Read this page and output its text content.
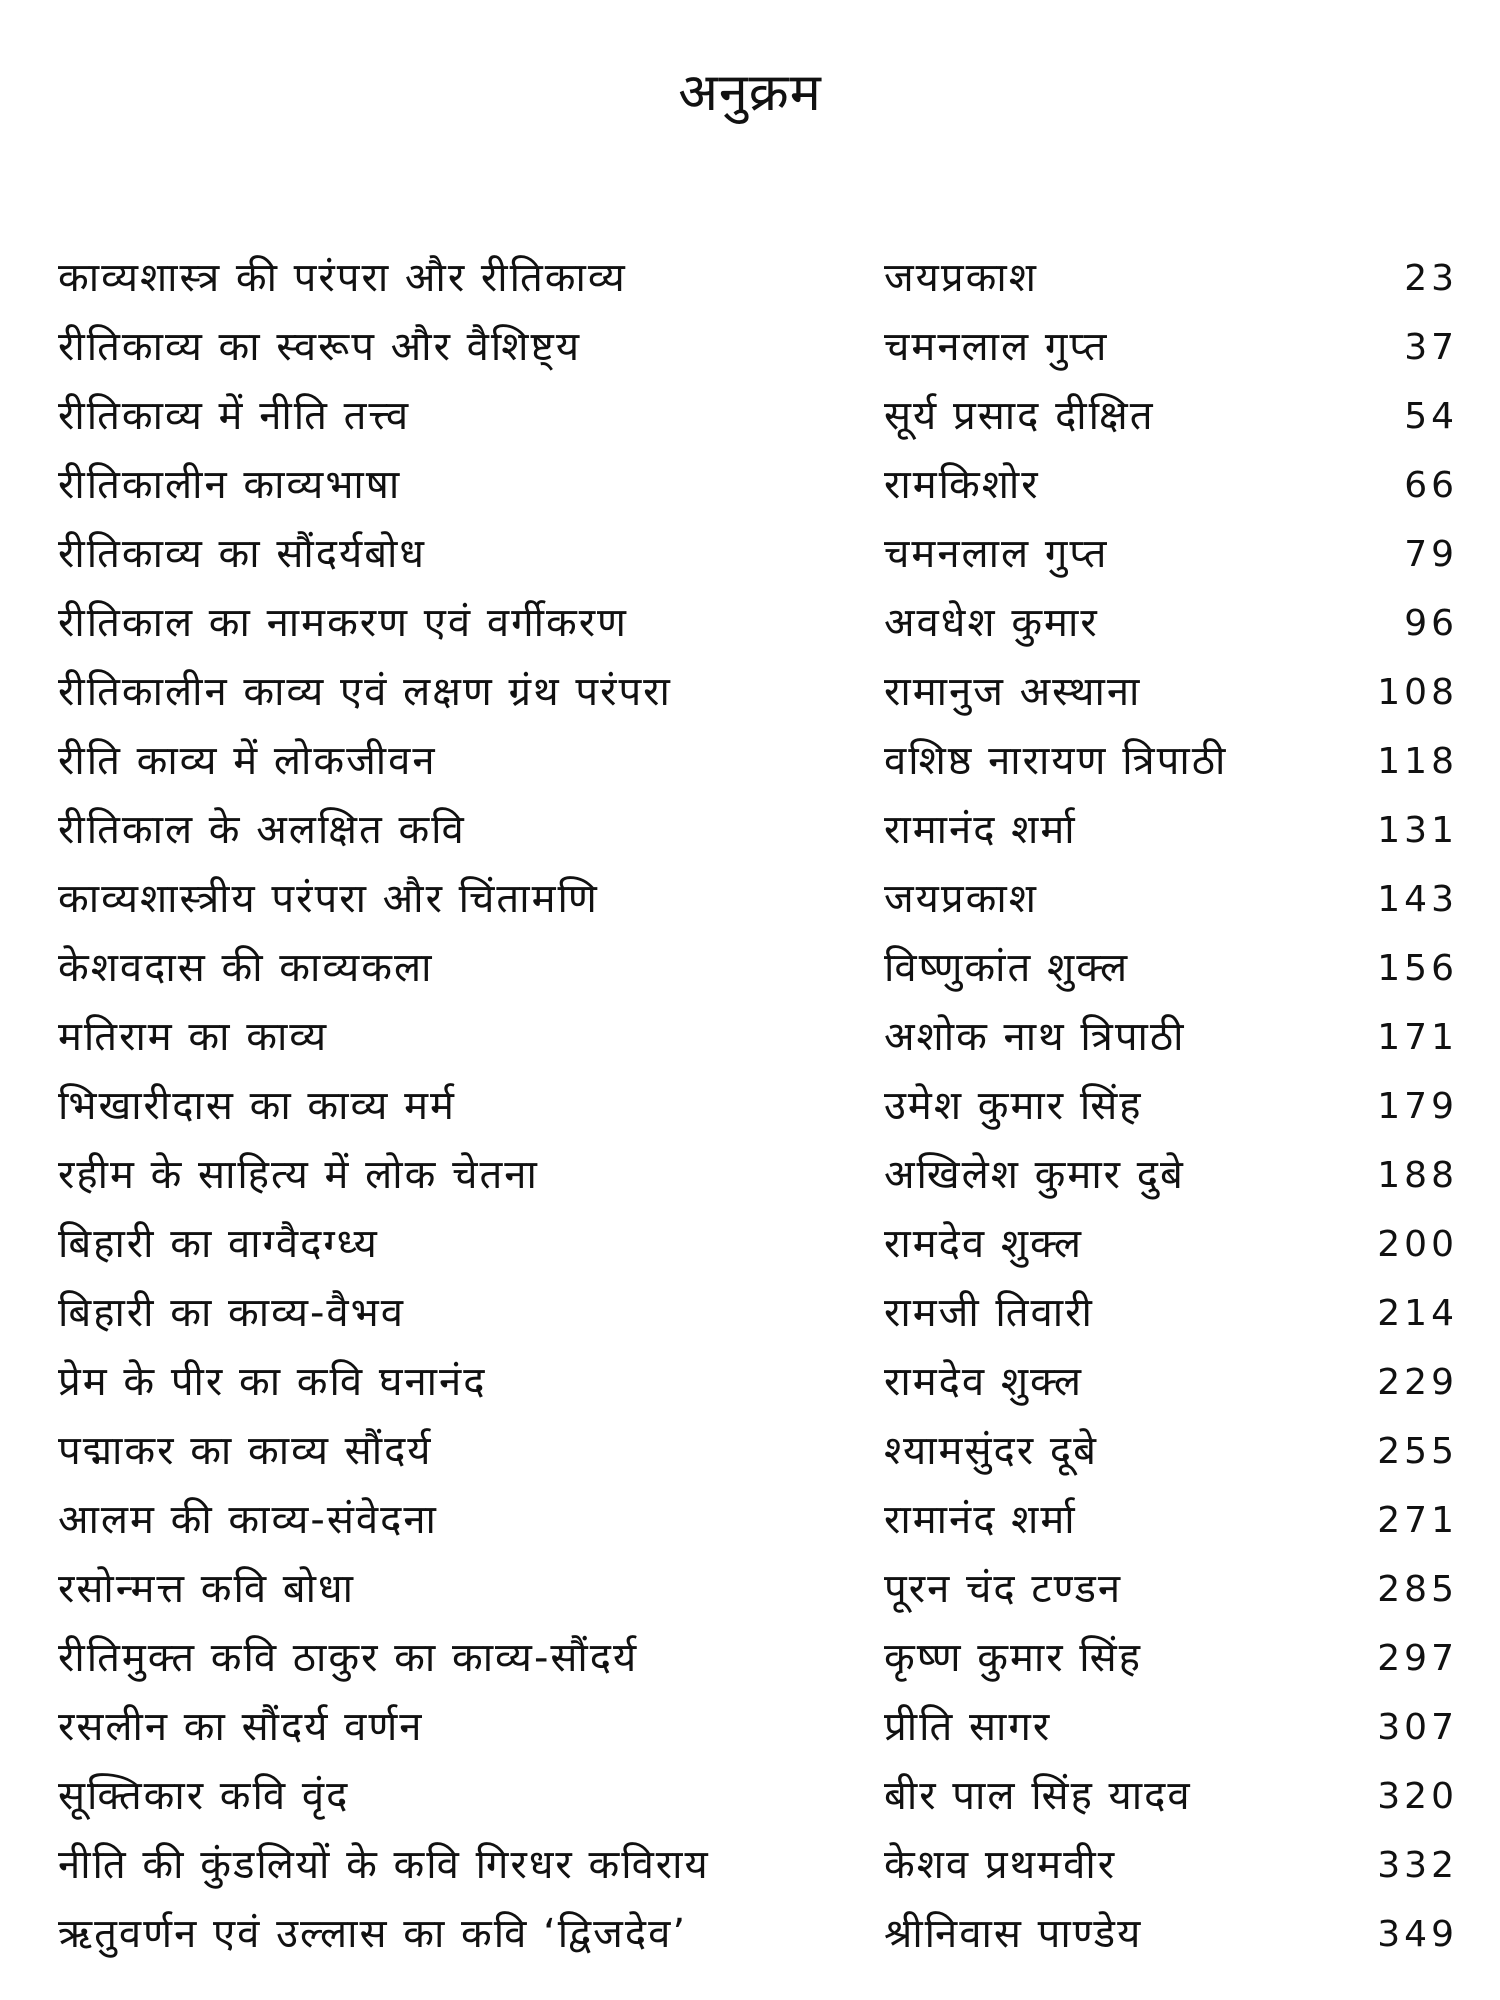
अनुक्रम
काव्यशास्त्र की परंपरा और रीतिकाव्य	जयप्रकाश	23
रीतिकाव्य का स्वरूप और वैशिष्ट्य	चमनलाल गुप्त	37
रीतिकाव्य में नीति तत्त्व	सूर्य प्रसाद दीक्षित	54
रीतिकालीन काव्यभाषा	रामकिशोर	66
रीतिकाव्य का सौंदर्यबोध	चमनलाल गुप्त	79
रीतिकाल का नामकरण एवं वर्गीकरण	अवधेश कुमार	96
रीतिकालीन काव्य एवं लक्षण ग्रंथ परंपरा	रामानुज अस्थाना	108
रीति काव्य में लोकजीवन	वशिष्ठ नारायण त्रिपाठी	118
रीतिकाल के अलक्षित कवि	रामानंद शर्मा	131
काव्यशास्त्रीय परंपरा और चिंतामणि	जयप्रकाश	143
केशवदास की काव्यकला	विष्णुकांत शुक्ल	156
मतिराम का काव्य	अशोक नाथ त्रिपाठी	171
भिखारीदास का काव्य मर्म	उमेश कुमार सिंह	179
रहीम के साहित्य में लोक चेतना	अखिलेश कुमार दुबे	188
बिहारी का वाग्वैदग्ध्य	रामदेव शुक्ल	200
बिहारी का काव्य-वैभव	रामजी तिवारी	214
प्रेम के पीर का कवि घनानंद	रामदेव शुक्ल	229
पद्माकर का काव्य सौंदर्य	श्यामसुंदर दूबे	255
आलम की काव्य-संवेदना	रामानंद शर्मा	271
रसोन्मत्त कवि बोधा	पूरन चंद टण्डन	285
रीतिमुक्त कवि ठाकुर का काव्य-सौंदर्य	कृष्ण कुमार सिंह	297
रसलीन का सौंदर्य वर्णन	प्रीति सागर	307
सूक्तिकार कवि वृंद	बीर पाल सिंह यादव	320
नीति की कुंडलियों के कवि गिरधर कविराय	केशव प्रथमवीर	332
ऋतुवर्णन एवं उल्लास का कवि ‘द्विजदेव’	श्रीनिवास पाण्डेय	349
